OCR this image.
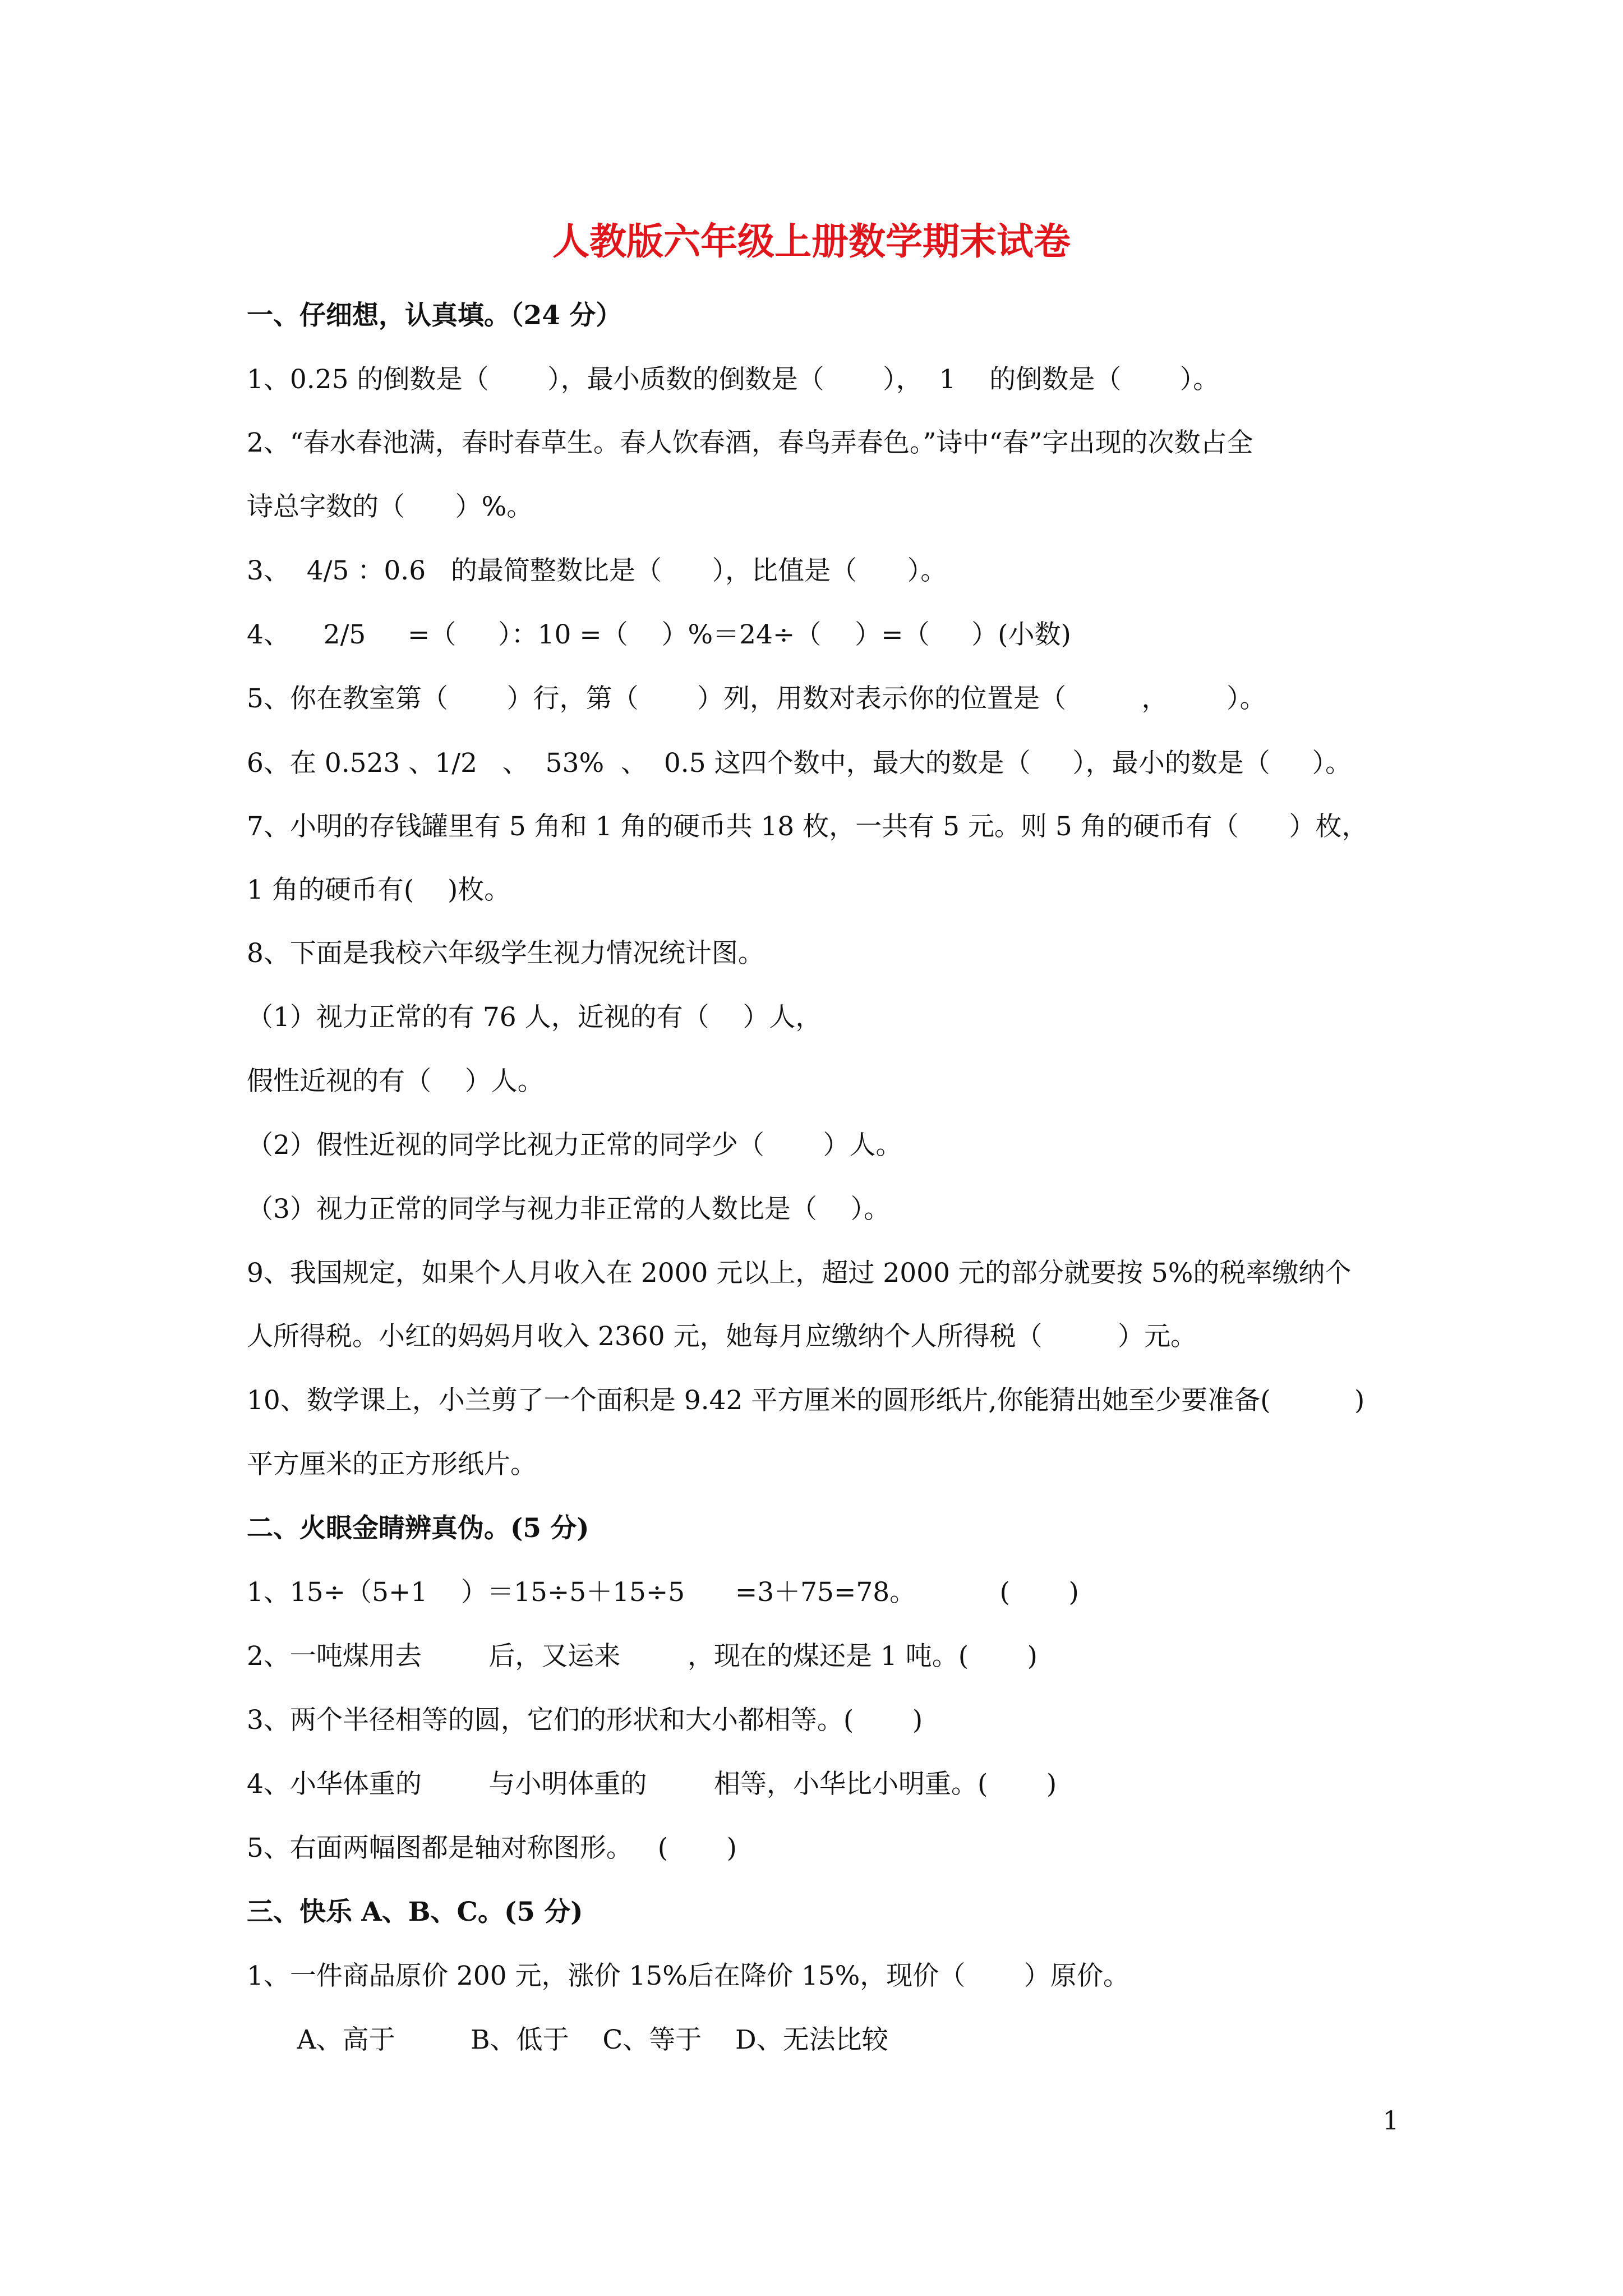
人教版六年级上册数学期末试卷

一、仔细想，认真填。（24 分）

1、0.25 的倒数是（       ），最小质数的倒数是（       ），  1    的倒数是（       ）。

2、“春水春池满，春时春草生。春人饮春酒，春鸟弄春色。”诗中“春”字出现的次数占全

诗总字数的（      ）%。

3、  4/5 ：0.6   的最简整数比是（      ），比值是（      ）。

4、    2/5     =（     ）：10 =（    ）%＝24÷（    ）=（     ）(小数)

5、你在教室第（       ）行，第（       ）列，用数对表示你的位置是（         ，       ）。

6、在 0.523 、1/2   、  53%  、  0.5 这四个数中，最大的数是（     ），最小的数是（     ）。

7、小明的存钱罐里有 5 角和 1 角的硬币共 18 枚，一共有 5 元。则 5 角的硬币有（      ）枚，

1 角的硬币有(    )枚。

8、下面是我校六年级学生视力情况统计图。

（1）视力正常的有 76 人，近视的有（    ）人，

假性近视的有（    ）人。

（2）假性近视的同学比视力正常的同学少（       ）人。

（3）视力正常的同学与视力非正常的人数比是（    ）。

9、我国规定，如果个人月收入在 2000 元以上，超过 2000 元的部分就要按 5%的税率缴纳个

人所得税。小红的妈妈月收入 2360 元，她每月应缴纳个人所得税（         ）元。

10、数学课上，小兰剪了一个面积是 9.42 平方厘米的圆形纸片,你能猜出她至少要准备(          )

平方厘米的正方形纸片。

二、火眼金睛辨真伪。(5 分)

1、15÷（5+1    ）＝15÷5＋15÷5      =3＋75=78。          (       )

2、一吨煤用去        后，又运来        ，现在的煤还是 1 吨。(       )

3、两个半径相等的圆，它们的形状和大小都相等。(       )

4、小华体重的        与小明体重的        相等，小华比小明重。(       )

5、右面两幅图都是轴对称图形。   (       )

三、快乐 A、B、C。(5 分)

1、一件商品原价 200 元，涨价 15%后在降价 15%，现价（       ）原价。

A、高于         B、低于    C、等于    D、无法比较

1
